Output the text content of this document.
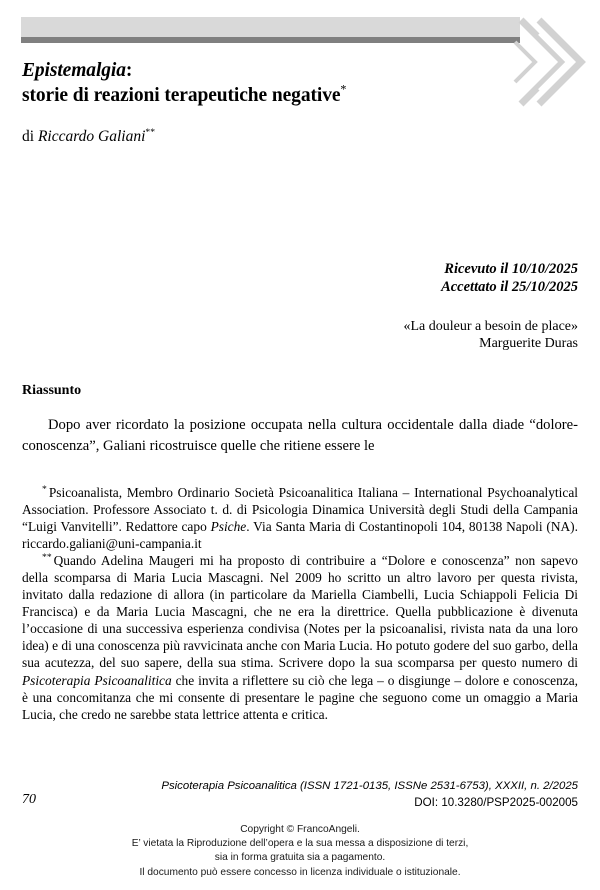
Epistemalgia:
storie di reazioni terapeutiche negative*
di Riccardo Galiani**
Ricevuto il 10/10/2025
Accettato il 25/10/2025
«La douleur a besoin de place»
Marguerite Duras
Riassunto
Dopo aver ricordato la posizione occupata nella cultura occidentale dalla diade “dolore-conoscenza”, Galiani ricostruisce quelle che ritiene essere le

* Psicoanalista, Membro Ordinario Società Psicoanalitica Italiana – International Psychoanalytical Association. Professore Associato t. d. di Psicologia Dinamica Università degli Studi della Campania “Luigi Vanvitelli”. Redattore capo Psiche. Via Santa Maria di Costantinopoli 104, 80138 Napoli (NA). riccardo.galiani@uni-campania.it

** Quando Adelina Maugeri mi ha proposto di contribuire a “Dolore e conoscenza” non sapevo della scomparsa di Maria Lucia Mascagni. Nel 2009 ho scritto un altro lavoro per questa rivista, invitato dalla redazione di allora (in particolare da Mariella Ciambelli, Lucia Schiappoli Felicia Di Francisca) e da Maria Lucia Mascagni, che ne era la direttrice. Quella pubblicazione è divenuta l’occasione di una successiva esperienza condivisa (Notes per la psicoanalisi, rivista nata da una loro idea) e di una conoscenza più ravvicinata anche con Maria Lucia. Ho potuto godere del suo garbo, della sua acutezza, del suo sapere, della sua stima. Scrivere dopo la sua scomparsa per questo numero di Psicoterapia Psicoanalitica che invita a riflettere su ciò che lega – o disgiunge – dolore e conoscenza, è una concomitanza che mi consente di presentare le pagine che seguono come un omaggio a Maria Lucia, che credo ne sarebbe stata lettrice attenta e critica.

70
Psicoterapia Psicoanalitica (ISSN 1721-0135, ISSNe 2531-6753), XXXII, n. 2/2025
DOI: 10.3280/PSP2025-002005
Copyright © FrancoAngeli.
E’ vietata la Riproduzione dell’opera e la sua messa a disposizione di terzi,
sia in forma gratuita sia a pagamento.
Il documento può essere concesso in licenza individuale o istituzionale.
